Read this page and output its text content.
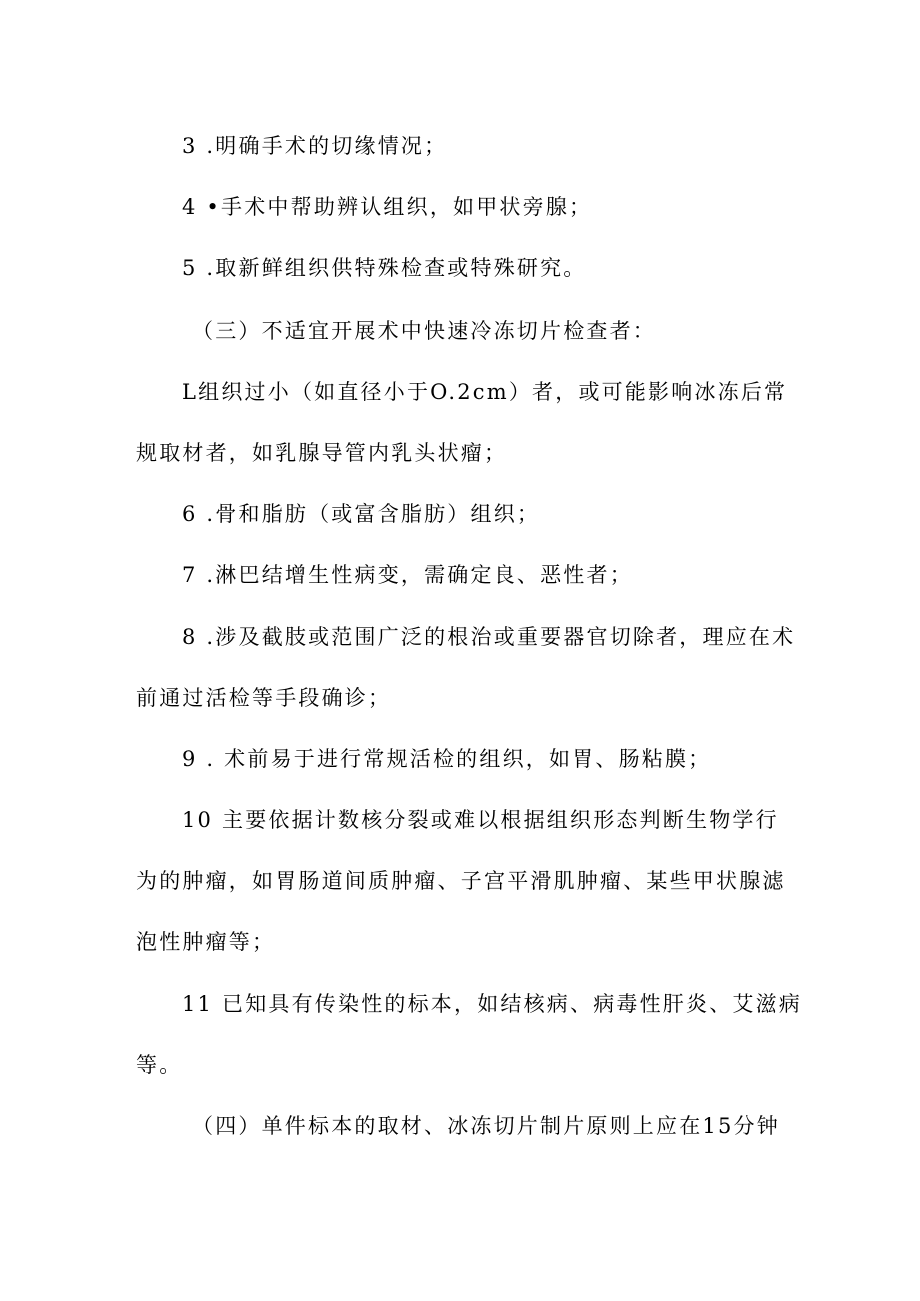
3 .明确手术的切缘情况；
4 •手术中帮助辨认组织，如甲状旁腺；
5 .取新鲜组织供特殊检查或特殊研究。
（三）不适宜开展术中快速冷冻切片检查者：
L组织过小（如直径小于O.2cm）者，或可能影响冰冻后常
规取材者，如乳腺导管内乳头状瘤；
6 .骨和脂肪（或富含脂肪）组织；
7 .淋巴结增生性病变，需确定良、恶性者；
8 .涉及截肢或范围广泛的根治或重要器官切除者，理应在术
前通过活检等手段确诊；
9 . 术前易于进行常规活检的组织，如胃、肠粘膜；
10 主要依据计数核分裂或难以根据组织形态判断生物学行
为的肿瘤，如胃肠道间质肿瘤、子宫平滑肌肿瘤、某些甲状腺滤
泡性肿瘤等；
11 已知具有传染性的标本，如结核病、病毒性肝炎、艾滋病
等。
（四）单件标本的取材、冰冻切片制片原则上应在15分钟
